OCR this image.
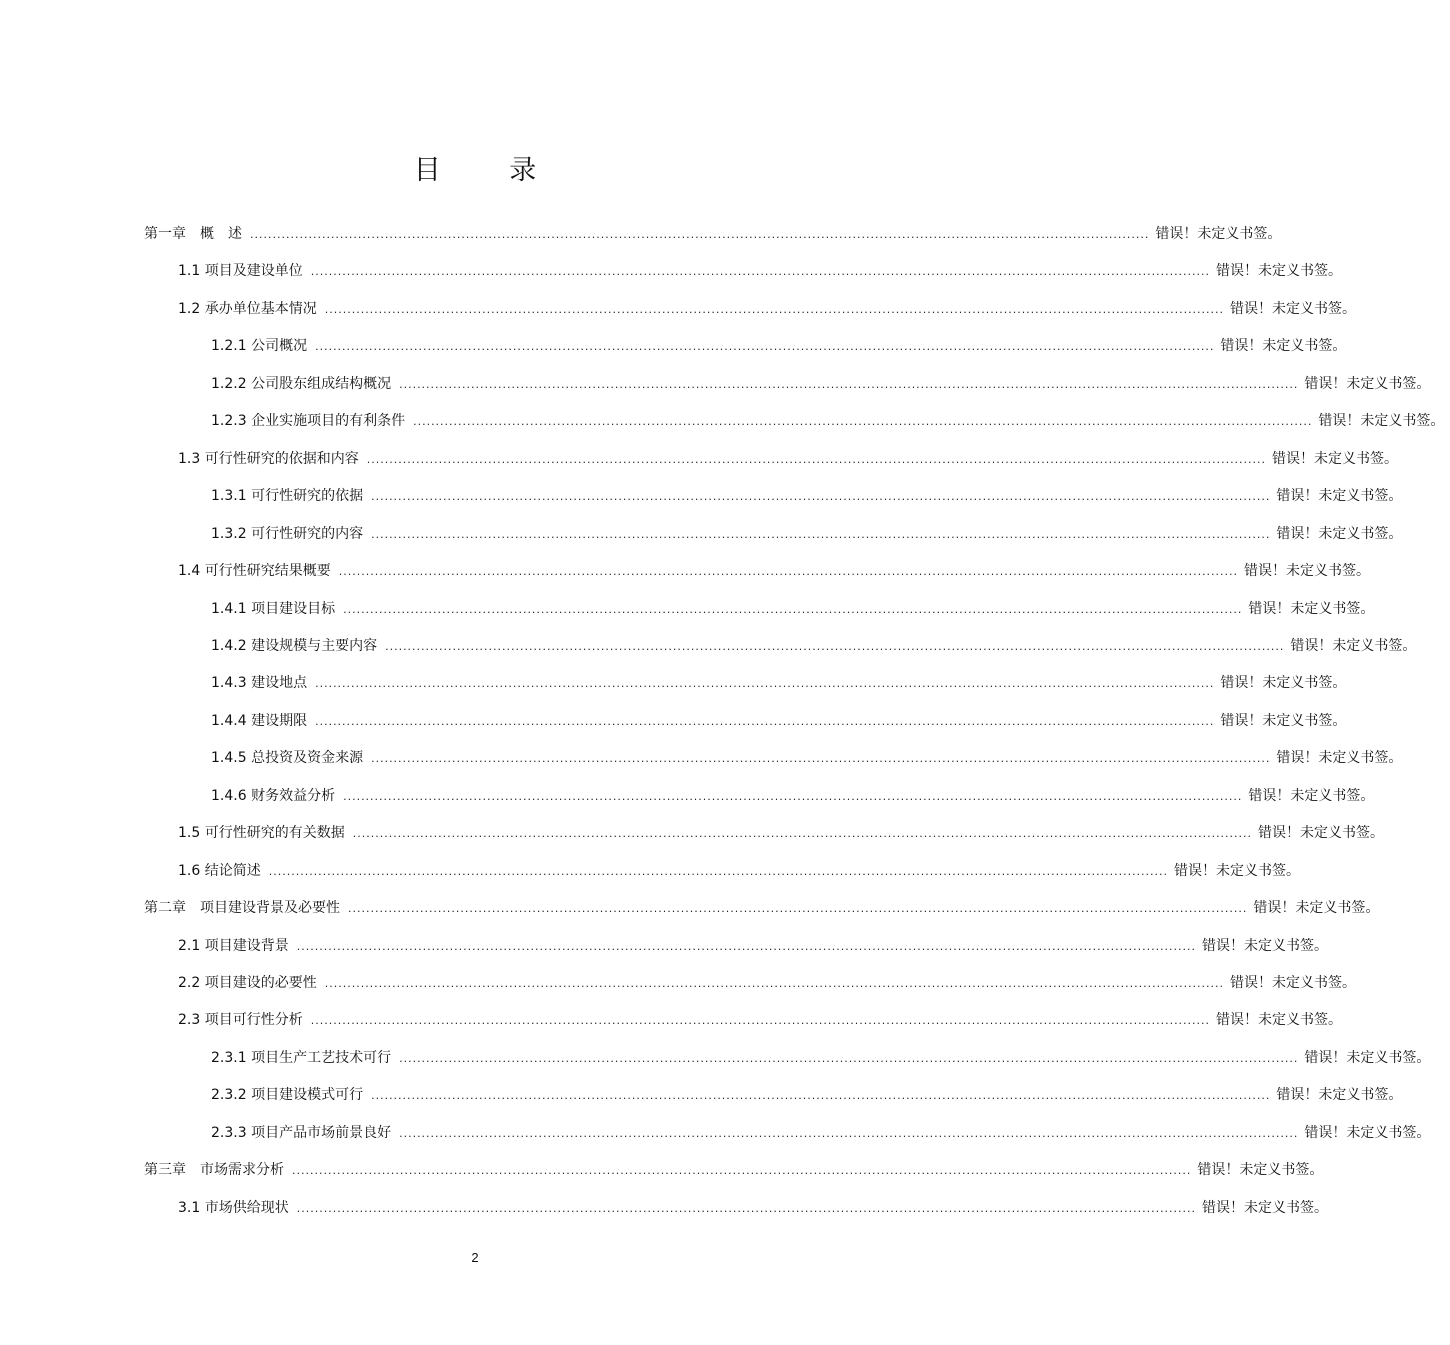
目 录
第一章　概　述 ........................................................................................................................................................................................................ 错误！未定义书签。
1.1 项目及建设单位 ........................................................................................................................................................................................................ 错误！未定义书签。
1.2 承办单位基本情况 ........................................................................................................................................................................................................ 错误！未定义书签。
1.2.1 公司概况 ........................................................................................................................................................................................................ 错误！未定义书签。
1.2.2 公司股东组成结构概况 ........................................................................................................................................................................................................ 错误！未定义书签。
1.2.3 企业实施项目的有利条件 ........................................................................................................................................................................................................ 错误！未定义书签。
1.3 可行性研究的依据和内容 ........................................................................................................................................................................................................ 错误！未定义书签。
1.3.1 可行性研究的依据 ........................................................................................................................................................................................................ 错误！未定义书签。
1.3.2 可行性研究的内容 ........................................................................................................................................................................................................ 错误！未定义书签。
1.4 可行性研究结果概要 ........................................................................................................................................................................................................ 错误！未定义书签。
1.4.1 项目建设目标 ........................................................................................................................................................................................................ 错误！未定义书签。
1.4.2 建设规模与主要内容 ........................................................................................................................................................................................................ 错误！未定义书签。
1.4.3 建设地点 ........................................................................................................................................................................................................ 错误！未定义书签。
1.4.4 建设期限 ........................................................................................................................................................................................................ 错误！未定义书签。
1.4.5 总投资及资金来源 ........................................................................................................................................................................................................ 错误！未定义书签。
1.4.6 财务效益分析 ........................................................................................................................................................................................................ 错误！未定义书签。
1.5 可行性研究的有关数据 ........................................................................................................................................................................................................ 错误！未定义书签。
1.6 结论简述 ........................................................................................................................................................................................................ 错误！未定义书签。
第二章　项目建设背景及必要性 ........................................................................................................................................................................................................ 错误！未定义书签。
2.1 项目建设背景 ........................................................................................................................................................................................................ 错误！未定义书签。
2.2 项目建设的必要性 ........................................................................................................................................................................................................ 错误！未定义书签。
2.3 项目可行性分析 ........................................................................................................................................................................................................ 错误！未定义书签。
2.3.1 项目生产工艺技术可行 ........................................................................................................................................................................................................ 错误！未定义书签。
2.3.2 项目建设模式可行 ........................................................................................................................................................................................................ 错误！未定义书签。
2.3.3 项目产品市场前景良好 ........................................................................................................................................................................................................ 错误！未定义书签。
第三章　市场需求分析 ........................................................................................................................................................................................................ 错误！未定义书签。
3.1 市场供给现状 ........................................................................................................................................................................................................ 错误！未定义书签。
2
